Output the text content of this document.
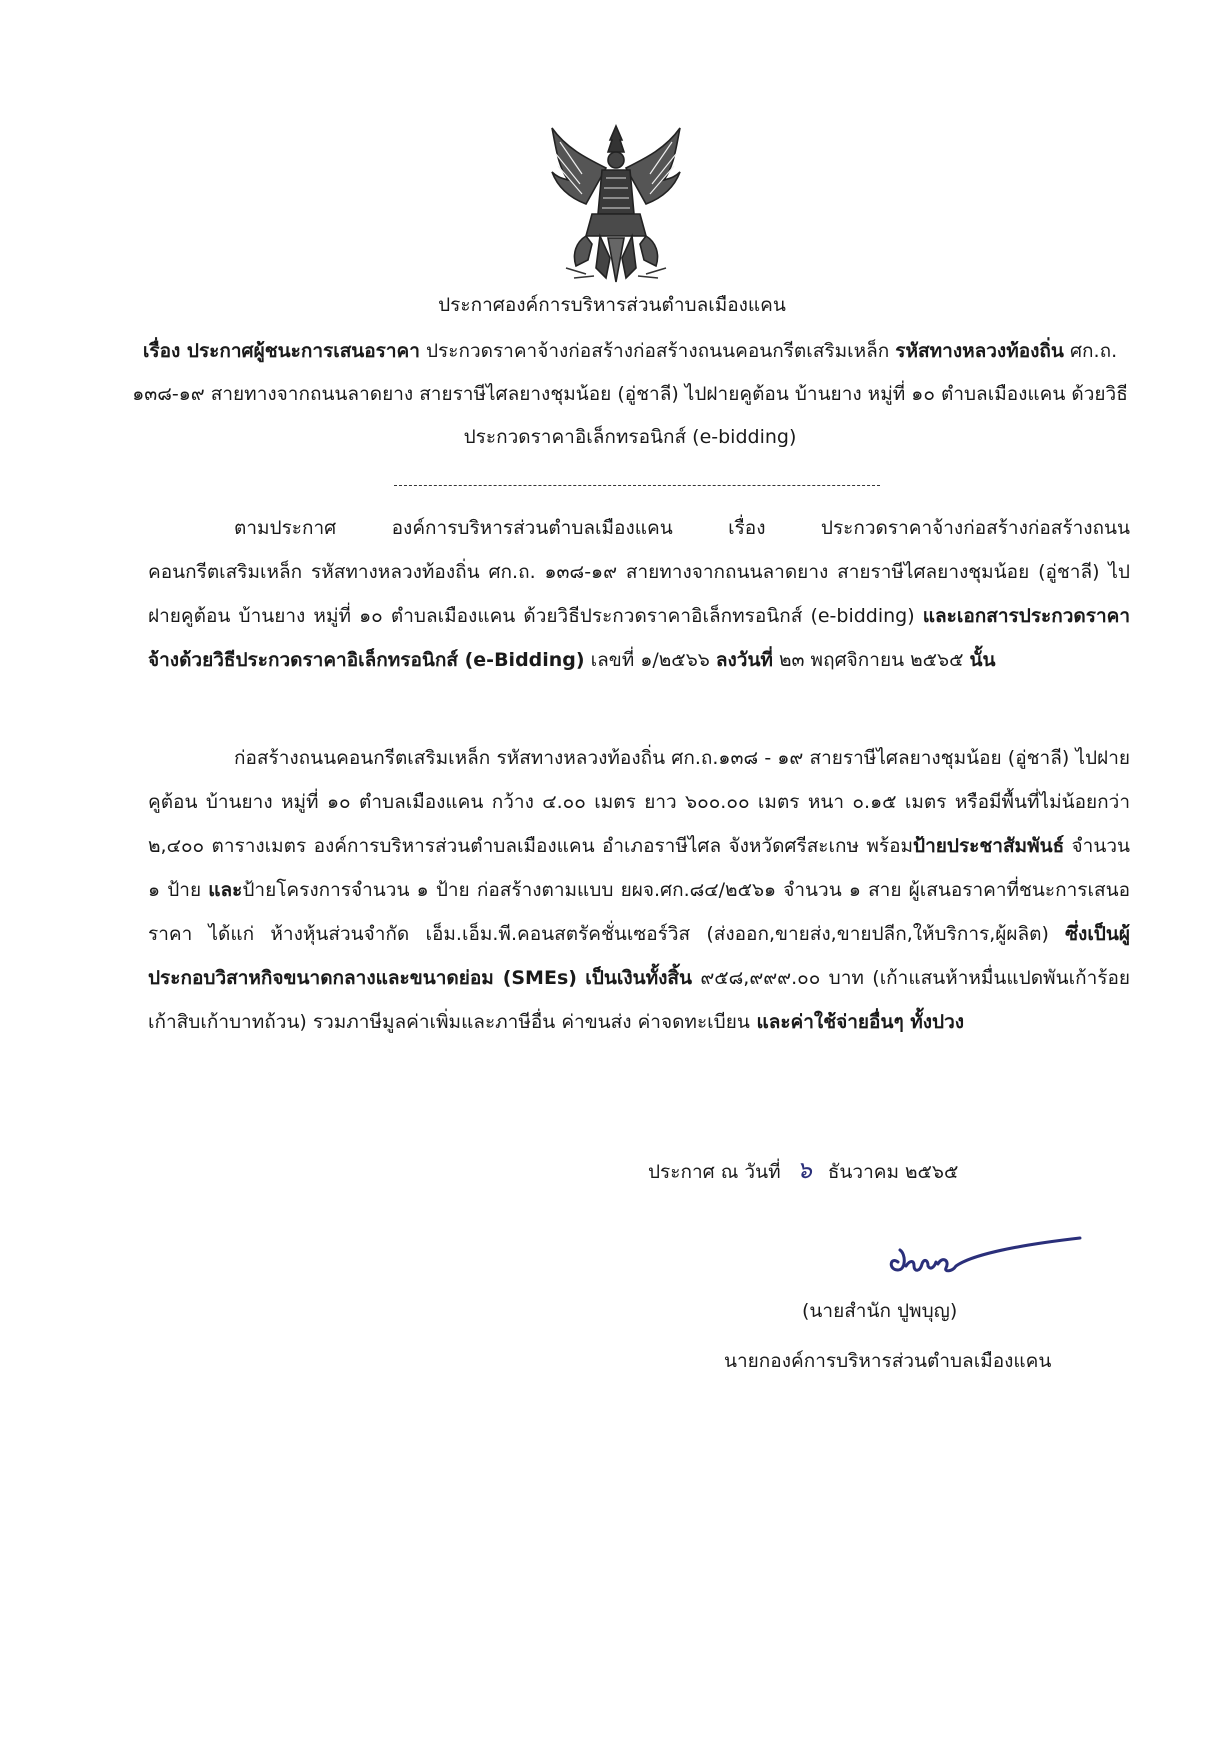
ประกาศองค์การบริหารส่วนตำบลเมืองแคน
เรื่อง ประกาศผู้ชนะการเสนอราคา ประกวดราคาจ้างก่อสร้างก่อสร้างถนนคอนกรีตเสริมเหล็ก รหัสทางหลวงท้องถิ่น ศก.ถ. ๑๓๘-๑๙ สายทางจากถนนลาดยาง สายราษีไศลยางชุมน้อย (อู่ชาลี) ไปฝายคูต้อน บ้านยาง หมู่ที่ ๑๐ ตำบลเมืองแคน ด้วยวิธีประกวดราคาอิเล็กทรอนิกส์ (e-bidding)
ตามประกาศ องค์การบริหารส่วนตำบลเมืองแคน เรื่อง ประกวดราคาจ้างก่อสร้างก่อสร้างถนนคอนกรีตเสริมเหล็ก รหัสทางหลวงท้องถิ่น ศก.ถ. ๑๓๘-๑๙ สายทางจากถนนลาดยาง สายราษีไศลยางชุมน้อย (อู่ชาลี) ไปฝายคูต้อน บ้านยาง หมู่ที่ ๑๐ ตำบลเมืองแคน ด้วยวิธีประกวดราคาอิเล็กทรอนิกส์ (e-bidding) และเอกสารประกวดราคาจ้างด้วยวิธีประกวดราคาอิเล็กทรอนิกส์ (e-Bidding) เลขที่ ๑/๒๕๖๖ ลงวันที่ ๒๓ พฤศจิกายน ๒๕๖๕ นั้น
ก่อสร้างถนนคอนกรีตเสริมเหล็ก รหัสทางหลวงท้องถิ่น ศก.ถ.๑๓๘ - ๑๙ สายราษีไศลยางชุมน้อย (อู่ชาลี) ไปฝายคูต้อน บ้านยาง หมู่ที่ ๑๐ ตำบลเมืองแคน กว้าง ๔.๐๐ เมตร ยาว ๖๐๐.๐๐ เมตร หนา ๐.๑๕ เมตร หรือมีพื้นที่ไม่น้อยกว่า ๒,๔๐๐ ตารางเมตร องค์การบริหารส่วนตำบลเมืองแคน อำเภอราษีไศล จังหวัดศรีสะเกษ พร้อมป้ายประชาสัมพันธ์ จำนวน ๑ ป้าย และป้ายโครงการจำนวน ๑ ป้าย ก่อสร้างตามแบบ ยผจ.ศก.๘๔/๒๕๖๑ จำนวน ๑ สาย ผู้เสนอราคาที่ชนะการเสนอราคา ได้แก่ ห้างหุ้นส่วนจำกัด เอ็ม.เอ็ม.พี.คอนสตรัคชั่นเซอร์วิส (ส่งออก,ขายส่ง,ขายปลีก,ให้บริการ,ผู้ผลิต) ซึ่งเป็นผู้ประกอบวิสาหกิจขนาดกลางและขนาดย่อม (SMEs) เป็นเงินทั้งสิ้น ๙๕๘,๙๙๙.๐๐ บาท (เก้าแสนห้าหมื่นแปดพันเก้าร้อยเก้าสิบเก้าบาทถ้วน) รวมภาษีมูลค่าเพิ่มและภาษีอื่น ค่าขนส่ง ค่าจดทะเบียน และค่าใช้จ่ายอื่นๆ ทั้งปวง
ประกาศ ณ วันที่ ๖ ธันวาคม ๒๕๖๕
(นายสำนัก ปูพบุญ)
นายกองค์การบริหารส่วนตำบลเมืองแคน
